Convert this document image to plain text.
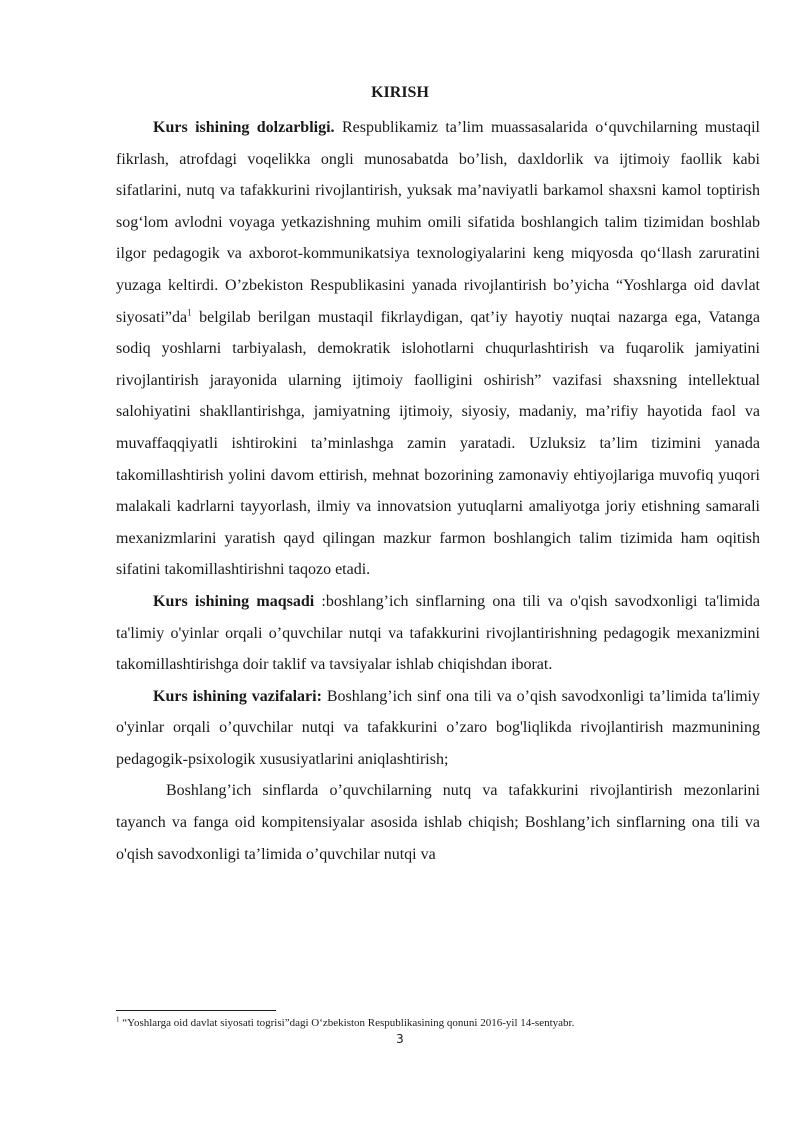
KIRISH

Kurs ishining dolzarbligi. Respublikamiz ta’lim muassasalarida o‘quvchilarning mustaqil fikrlash, atrofdagi voqelikka ongli munosabatda bo’lish, daxldorlik va ijtimoiy faollik kabi sifatlarini, nutq va tafakkurini rivojlantirish, yuksak ma’naviyatli barkamol shaxsni kamol toptirish sog‘lom avlodni voyaga yetkazishning muhim omili sifatida boshlangich talim tizimidan boshlab ilgor pedagogik va axborot-kommunikatsiya texnologiyalarini keng miqyosda qo‘llash zaruratini yuzaga keltirdi. O’zbekiston Respublikasini yanada rivojlantirish bo’yicha “Yoshlarga oid davlat $siyosati”da^1$ belgilab berilgan mustaqil fikrlaydigan, qat’iy hayotiy nuqtai nazarga ega, Vatanga sodiq yoshlarni tarbiyalash, demokratik islohotlarni chuqurlashtirish va fuqarolik jamiyatini rivojlantirish jarayonida ularning ijtimoiy faolligini oshirish” vazifasi shaxsning intellektual salohiyatini shakllantirishga, jamiyatning ijtimoiy, siyosiy, madaniy, ma’rifiy hayotida faol va muvaffaqqiyatli ishtirokini ta’minlashga zamin yaratadi. Uzluksiz ta’lim tizimini yanada takomillashtirish yolini davom ettirish, mehnat bozorining zamonaviy ehtiyojlariga muvofiq yuqori malakali kadrlarni tayyorlash, ilmiy va innovatsion yutuqlarni amaliyotga joriy etishning samarali mexanizmlarini yaratish qayd qilingan mazkur farmon boshlangich talim tizimida ham oqitish sifatini takomillashtirishni taqozo etadi.

Kurs ishining maqsadi :boshlang’ich sinflarning ona tili va o'qish savodxonligi ta'limida ta'limiy o'yinlar orqali o’quvchilar nutqi va tafakkurini rivojlantirishning pedagogik mexanizmini takomillashtirishga doir taklif va tavsiyalar ishlab chiqishdan iborat.

Kurs ishining vazifalari: Boshlang’ich sinf ona tili va o’qish savodxonligi ta’limida ta'limiy o'yinlar orqali o’quvchilar nutqi va tafakkurini o’zaro bog'liqlikda rivojlantirish mazmunining pedagogik-psixologik xususiyatlarini aniqlashtirish;

Boshlang’ich sinflarda o’quvchilarning nutq va tafakkurini rivojlantirish mezonlarini tayanch va fanga oid kompitensiyalar asosida ishlab chiqish; Boshlang’ich sinflarning ona tili va o'qish savodxonligi ta’limida o’quvchilar nutqi va

$^1$ “Yoshlarga oid davlat siyosati togrisi”dagi O‘zbekiston Respublikasining qonuni 2016-yil 14-sentyabr.
3
